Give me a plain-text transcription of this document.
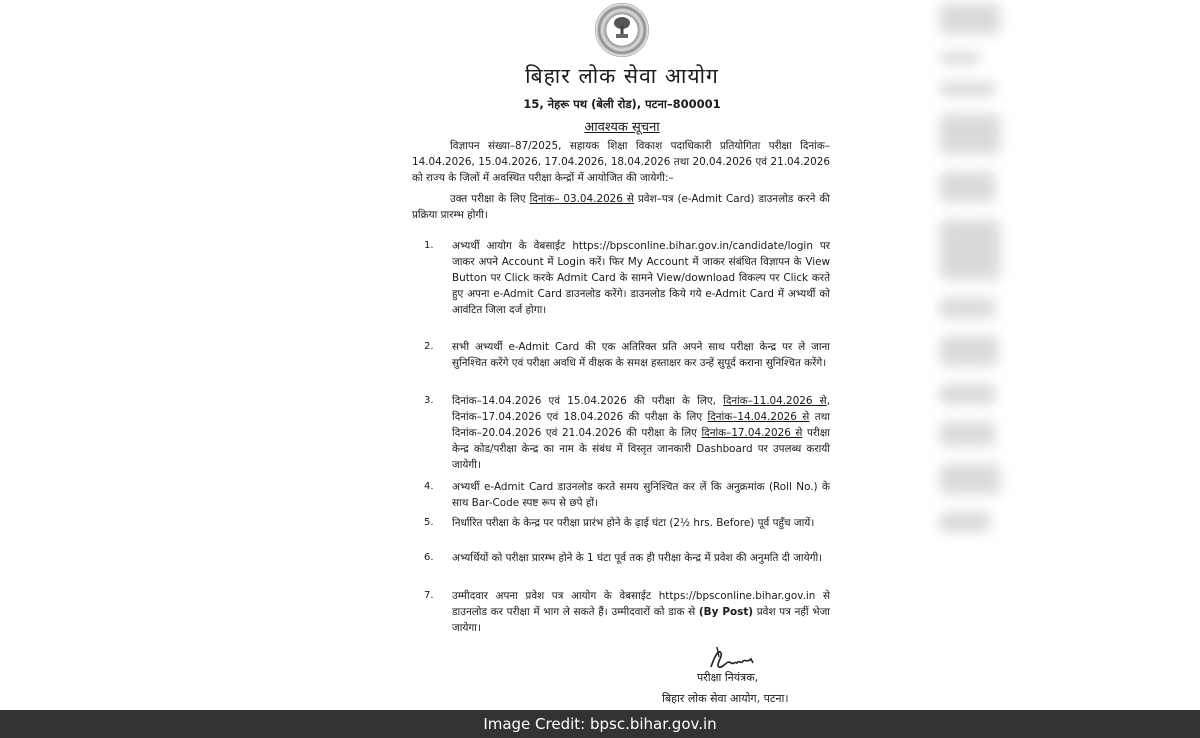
बिहार लोक सेवा आयोग
15, नेहरू पथ (बेली रोड), पटना–800001
आवश्यक सूचना
विज्ञापन संख्या–87/2025, सहायक शिक्षा विकाश पदाधिकारी प्रतियोगिता परीक्षा दिनांक–14.04.2026, 15.04.2026, 17.04.2026, 18.04.2026 तथा 20.04.2026 एवं 21.04.2026 को राज्य के जिलों में अवस्थित परीक्षा केन्द्रों में आयोजित की जायेगी:–
उक्त परीक्षा के लिए दिनांक– 03.04.2026 से प्रवेश–पत्र (e-Admit Card) डाउनलोड करने की प्रक्रिया प्रारम्भ होगी।
1. अभ्यर्थी आयोग के वेबसाईट https://bpsconline.bihar.gov.in/candidate/login पर जाकर अपने Account में Login करें। फिर My Account में जाकर संबंधित विज्ञापन के View Button पर Click करके Admit Card के सामने View/download विकल्प पर Click करते हुए अपना e-Admit Card डाउनलोड करेंगे। डाउनलोड किये गये e-Admit Card में अभ्यर्थी को आवंटित जिला दर्ज होगा।
2. सभी अभ्यर्थी e-Admit Card की एक अतिरिक्त प्रति अपने साथ परीक्षा केन्द्र पर ले जाना सुनिश्चित करेंगे एवं परीक्षा अवधि में वीक्षक के समक्ष हस्ताक्षर कर उन्हें सुपूर्द कराना सुनिश्चित करेंगे।
3. दिनांक–14.04.2026 एवं 15.04.2026 की परीक्षा के लिए, दिनांक–11.04.2026 से, दिनांक–17.04.2026 एवं 18.04.2026 की परीक्षा के लिए दिनांक–14.04.2026 से तथा दिनांक–20.04.2026 एवं 21.04.2026 की परीक्षा के लिए दिनांक–17.04.2026 से परीक्षा केन्द्र कोड/परीक्षा केन्द्र का नाम के संबंध में विस्तृत जानकारी Dashboard पर उपलब्ध करायी जायेगी।
4. अभ्यर्थी e-Admit Card डाउनलोड करते समय सुनिश्चित कर लें कि अनुक्रमांक (Roll No.) के साथ Bar-Code स्पष्ट रूप से छपे हों।
5. निर्धारित परीक्षा के केन्द्र पर परीक्षा प्रारंभ होने के ढ़ाई घंटा (2½ hrs. Before) पूर्व पहुँच जायें।
6. अभ्यर्थियों को परीक्षा प्रारम्भ होने के 1 घंटा पूर्व तक ही परीक्षा केन्द्र में प्रवेश की अनुमति दी जायेगी।
7. उम्मीदवार अपना प्रवेश पत्र आयोग के वेबसाईट https://bpsconline.bihar.gov.in से डाउनलोड कर परीक्षा में भाग ले सकते हैं। उम्मीदवारों को डाक से (By Post) प्रवेश पत्र नहीं भेजा जायेगा।
परीक्षा नियंत्रक,
बिहार लोक सेवा आयोग, पटना।
Image Credit: bpsc.bihar.gov.in
